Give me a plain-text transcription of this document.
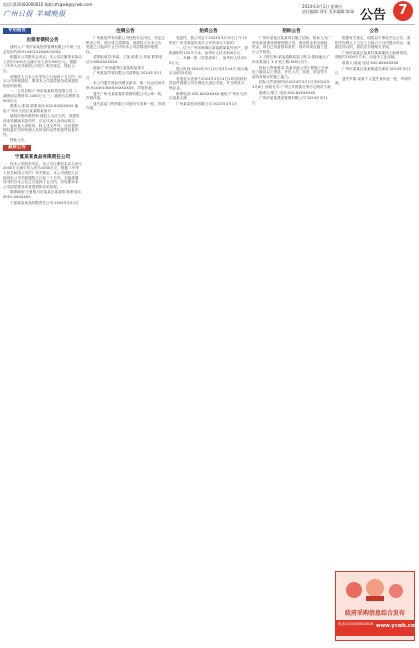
电话:(020)83000816 邮箱:zfcgwb@ycwb.com
广州日报 羊城晚报
2024年3月1日 星期五
责任编辑:刘军 美术编辑:陈瑞 公告 7
专用报告
出资者债权公告

债权人:广州市某某投资管理有限公司 统一社会信用代码:91440101MA5CXXXX

根据本公司股东会决议，本公司注册资本拟由人民币1000万元减少至人民币500万元。根据《中华人民共和国公司法》相关规定，特此公告。

请债权人自本公告发布之日起四十五日内，向本公司申报债权，要求本公司清偿债务或者提供相应的担保。

一、公司名称:广州市某某科技有限公司 二、减资前注册资本:1000万元 三、减资后注册资本:500万元

联系人:张某 联系电话:020-83XXXXXX 地址:广州市天河区某某路某某号

债权申报所需材料:债权人为法人的，须提供营业执照副本复印件、法定代表人身份证明文件；委托他人申报的，除上述文件外，还应提供授权委托书和代理人有效身份证件的原件及复印件。

特此公告。

减资公告
宁夏某某食品有限责任公司

经本公司股东决定，本公司注册资本由人民币2000万元减少至人民币1000万元。根据《中华人民共和国公司法》有关规定，本公司债权人自接到本公司书面通知之日起三十日内，未接到通知书的自本公告之日起四十五日内，有权要求本公司清偿债务或者提供相应的担保。

联系地址:宁夏银川市某某区某某路 联系电话:0951-XXXXXXX

宁夏某某食品有限责任公司 2024年3月1日

注销公告

广州某某贸易有限公司经股东会决议，决定注销本公司，现已成立清算组，请债权人自本公告见报之日起四十五日内向本公司清算组申报债权。

清算组成员:李某、王某 联系人:李某 联系电话:138XXXXXXXX

地址:广州市越秀区某某街某某号

广州某某贸易有限公司清算组 2024年3月1日

本公司遗失营业执照正副本，统一社会信用代码:91440106XXXXXXXXXX，声明作废。

遗失广州市某某餐饮管理有限公司公章一枚，声明作废。

遗失某某工程有限公司财务专用章一枚，声明作废。

拍卖公告

受委托，我公司定于2024年3月15日上午10时在广州市某某拍卖厅公开拍卖以下标的:

一、位于广州市海珠区某某路某某号房产，建筑面积约120平方米，参考价人民币300万元；

二、车辆一批（详见清单），参考价人民币50万元。

展示时间:2024年3月12日至3月14日 展示地点:标的所在地

有意竞买者请于2024年3月14日17时前持有效证件到我公司办理竞买登记手续，并交纳竞买保证金。

联系电话:020-8XXXXXXX 地址:广州市天河区某某大厦

广州某某拍卖有限公司 2024年3月1日

招标公告

广州市某某区某某项目施工招标，招标人为广州市某某建设管理有限公司，建设资金来自财政资金，项目已具备招标条件，现对该项目施工进行公开招标。

1.工程名称:某某道路改造工程 2.建设地点:广州市某某区 3.计划工期:180日历天

投标人资格要求:具备市政公用工程施工总承包三级及以上资质，并在人员、设备、资金等方面具有相应的施工能力。

招标文件获取时间:2024年3月1日至2024年3月8日 获取方式:广州公共资源交易中心网站下载

联系人:陈工 电话:020-8XXXXXXX

广州市某某建设管理有限公司 2024年3月1日

公告

根据有关规定，现将以下事项予以公告，请相关权利人于公告之日起六十日内提出异议。逾期无异议的，将依法办理相关手续。

广州市某某区某某村某某地块土地使用权，面积约1000平方米，用途为工业用地。

联系人:周某 电话:020-8XXXXXXX

广州市某某区某某街道办事处 2024年3月1日

遗失声明:某某个人遗失身份证一张，声明作废。

政府采购信息综合发布
电话:(020)83000816 www.ycwb.com
